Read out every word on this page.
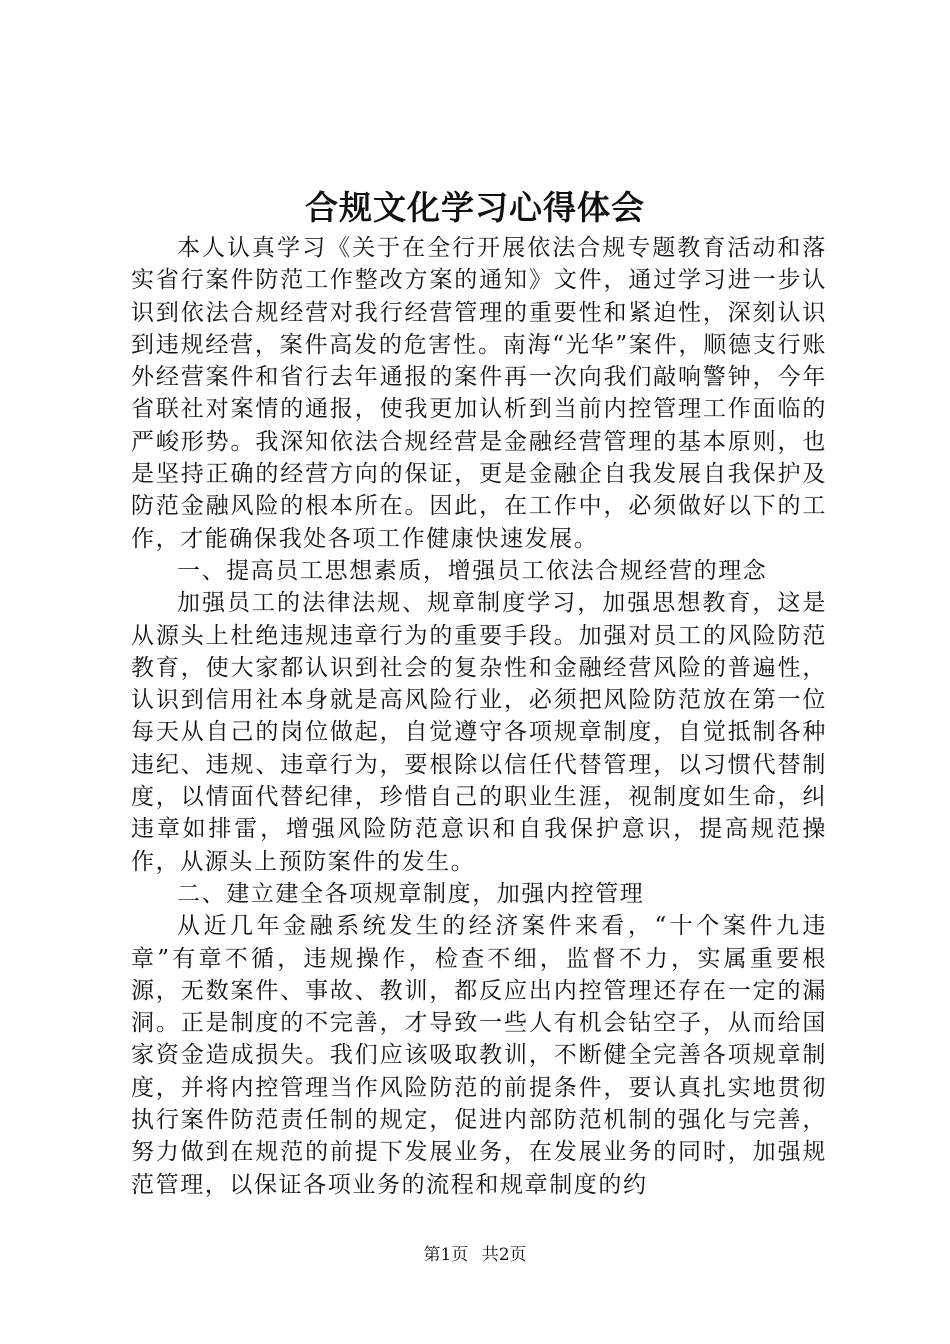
合规文化学习心得体会

本人认真学习《关于在全行开展依法合规专题教育活动和落实省行案件防范工作整改方案的通知》文件，通过学习进一步认识到依法合规经营对我行经营管理的重要性和紧迫性，深刻认识到违规经营，案件高发的危害性。南海“光华”案件，顺德支行账外经营案件和省行去年通报的案件再一次向我们敲响警钟，今年省联社对案情的通报，使我更加认析到当前内控管理工作面临的严峻形势。我深知依法合规经营是金融经营管理的基本原则，也是坚持正确的经营方向的保证，更是金融企自我发展自我保护及防范金融风险的根本所在。因此，在工作中，必须做好以下的工作，才能确保我处各项工作健康快速发展。

一、提高员工思想素质，增强员工依法合规经营的理念

加强员工的法律法规、规章制度学习，加强思想教育，这是从源头上杜绝违规违章行为的重要手段。加强对员工的风险防范教育，使大家都认识到社会的复杂性和金融经营风险的普遍性，认识到信用社本身就是高风险行业，必须把风险防范放在第一位每天从自己的岗位做起，自觉遵守各项规章制度，自觉抵制各种违纪、违规、违章行为，要根除以信任代替管理，以习惯代替制度，以情面代替纪律，珍惜自己的职业生涯，视制度如生命，纠违章如排雷，增强风险防范意识和自我保护意识，提高规范操作，从源头上预防案件的发生。

二、建立建全各项规章制度，加强内控管理

从近几年金融系统发生的经济案件来看，“十个案件九违章”有章不循，违规操作，检查不细，监督不力，实属重要根源，无数案件、事故、教训，都反应出内控管理还存在一定的漏洞。正是制度的不完善，才导致一些人有机会钻空子，从而给国家资金造成损失。我们应该吸取教训，不断健全完善各项规章制度，并将内控管理当作风险防范的前提条件，要认真扎实地贯彻执行案件防范责任制的规定，促进内部防范机制的强化与完善，努力做到在规范的前提下发展业务，在发展业务的同时，加强规范管理，以保证各项业务的流程和规章制度的约

第1页 共2页
